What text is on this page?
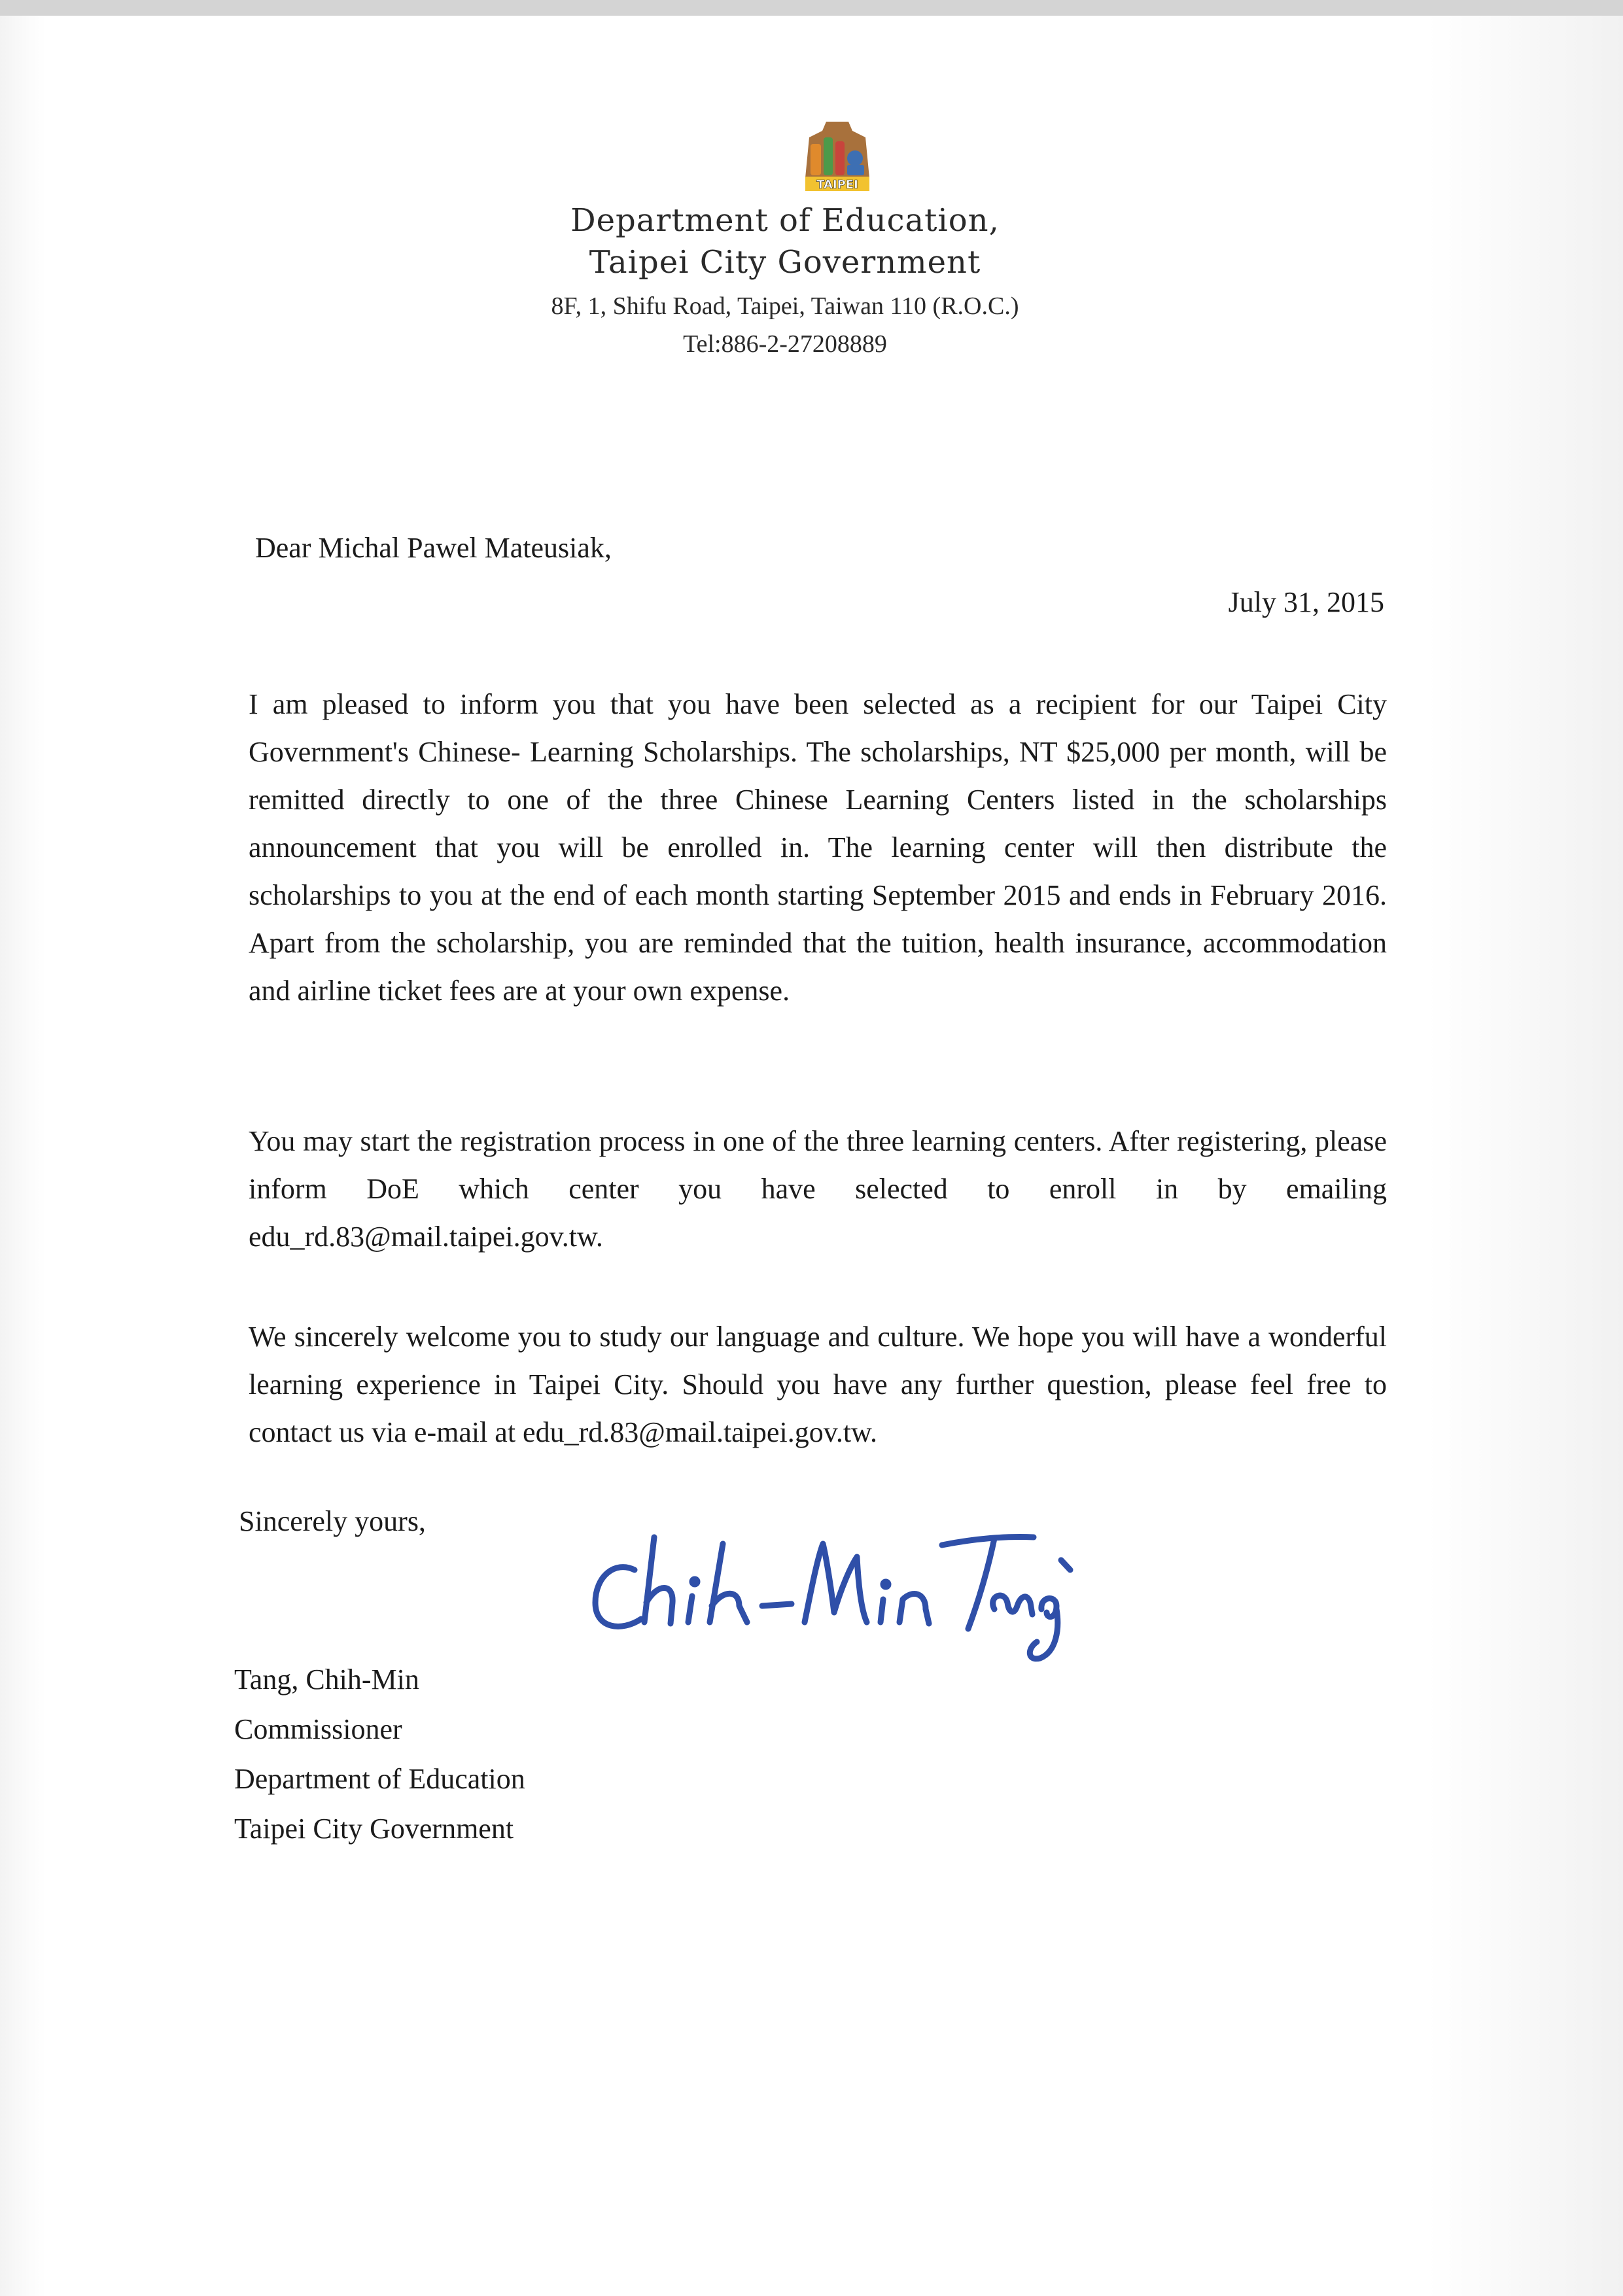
TAIPEI
Department of Education,
Taipei City Government
8F, 1, Shifu Road, Taipei, Taiwan 110 (R.O.C.)
Tel:886-2-27208889
Dear Michal Pawel Mateusiak,
July 31, 2015

I am pleased to inform you that you have been selected as a recipient for our Taipei City Government's Chinese- Learning Scholarships. The scholarships, NT $25,000 per month, will be remitted directly to one of the three Chinese Learning Centers listed in the scholarships announcement that you will be enrolled in. The learning center will then distribute the scholarships to you at the end of each month starting September 2015 and ends in February 2016. Apart from the scholarship, you are reminded that the tuition, health insurance, accommodation and airline ticket fees are at your own expense.

You may start the registration process in one of the three learning centers. After registering, please inform DoE which center you have selected to enroll in by emailing edu_rd.83@mail.taipei.gov.tw.

We sincerely welcome you to study our language and culture. We hope you will have a wonderful learning experience in Taipei City. Should you have any further question, please feel free to contact us via e-mail at edu_rd.83@mail.taipei.gov.tw.

Sincerely yours,
Tang, Chih-Min
Commissioner
Department of Education
Taipei City Government
